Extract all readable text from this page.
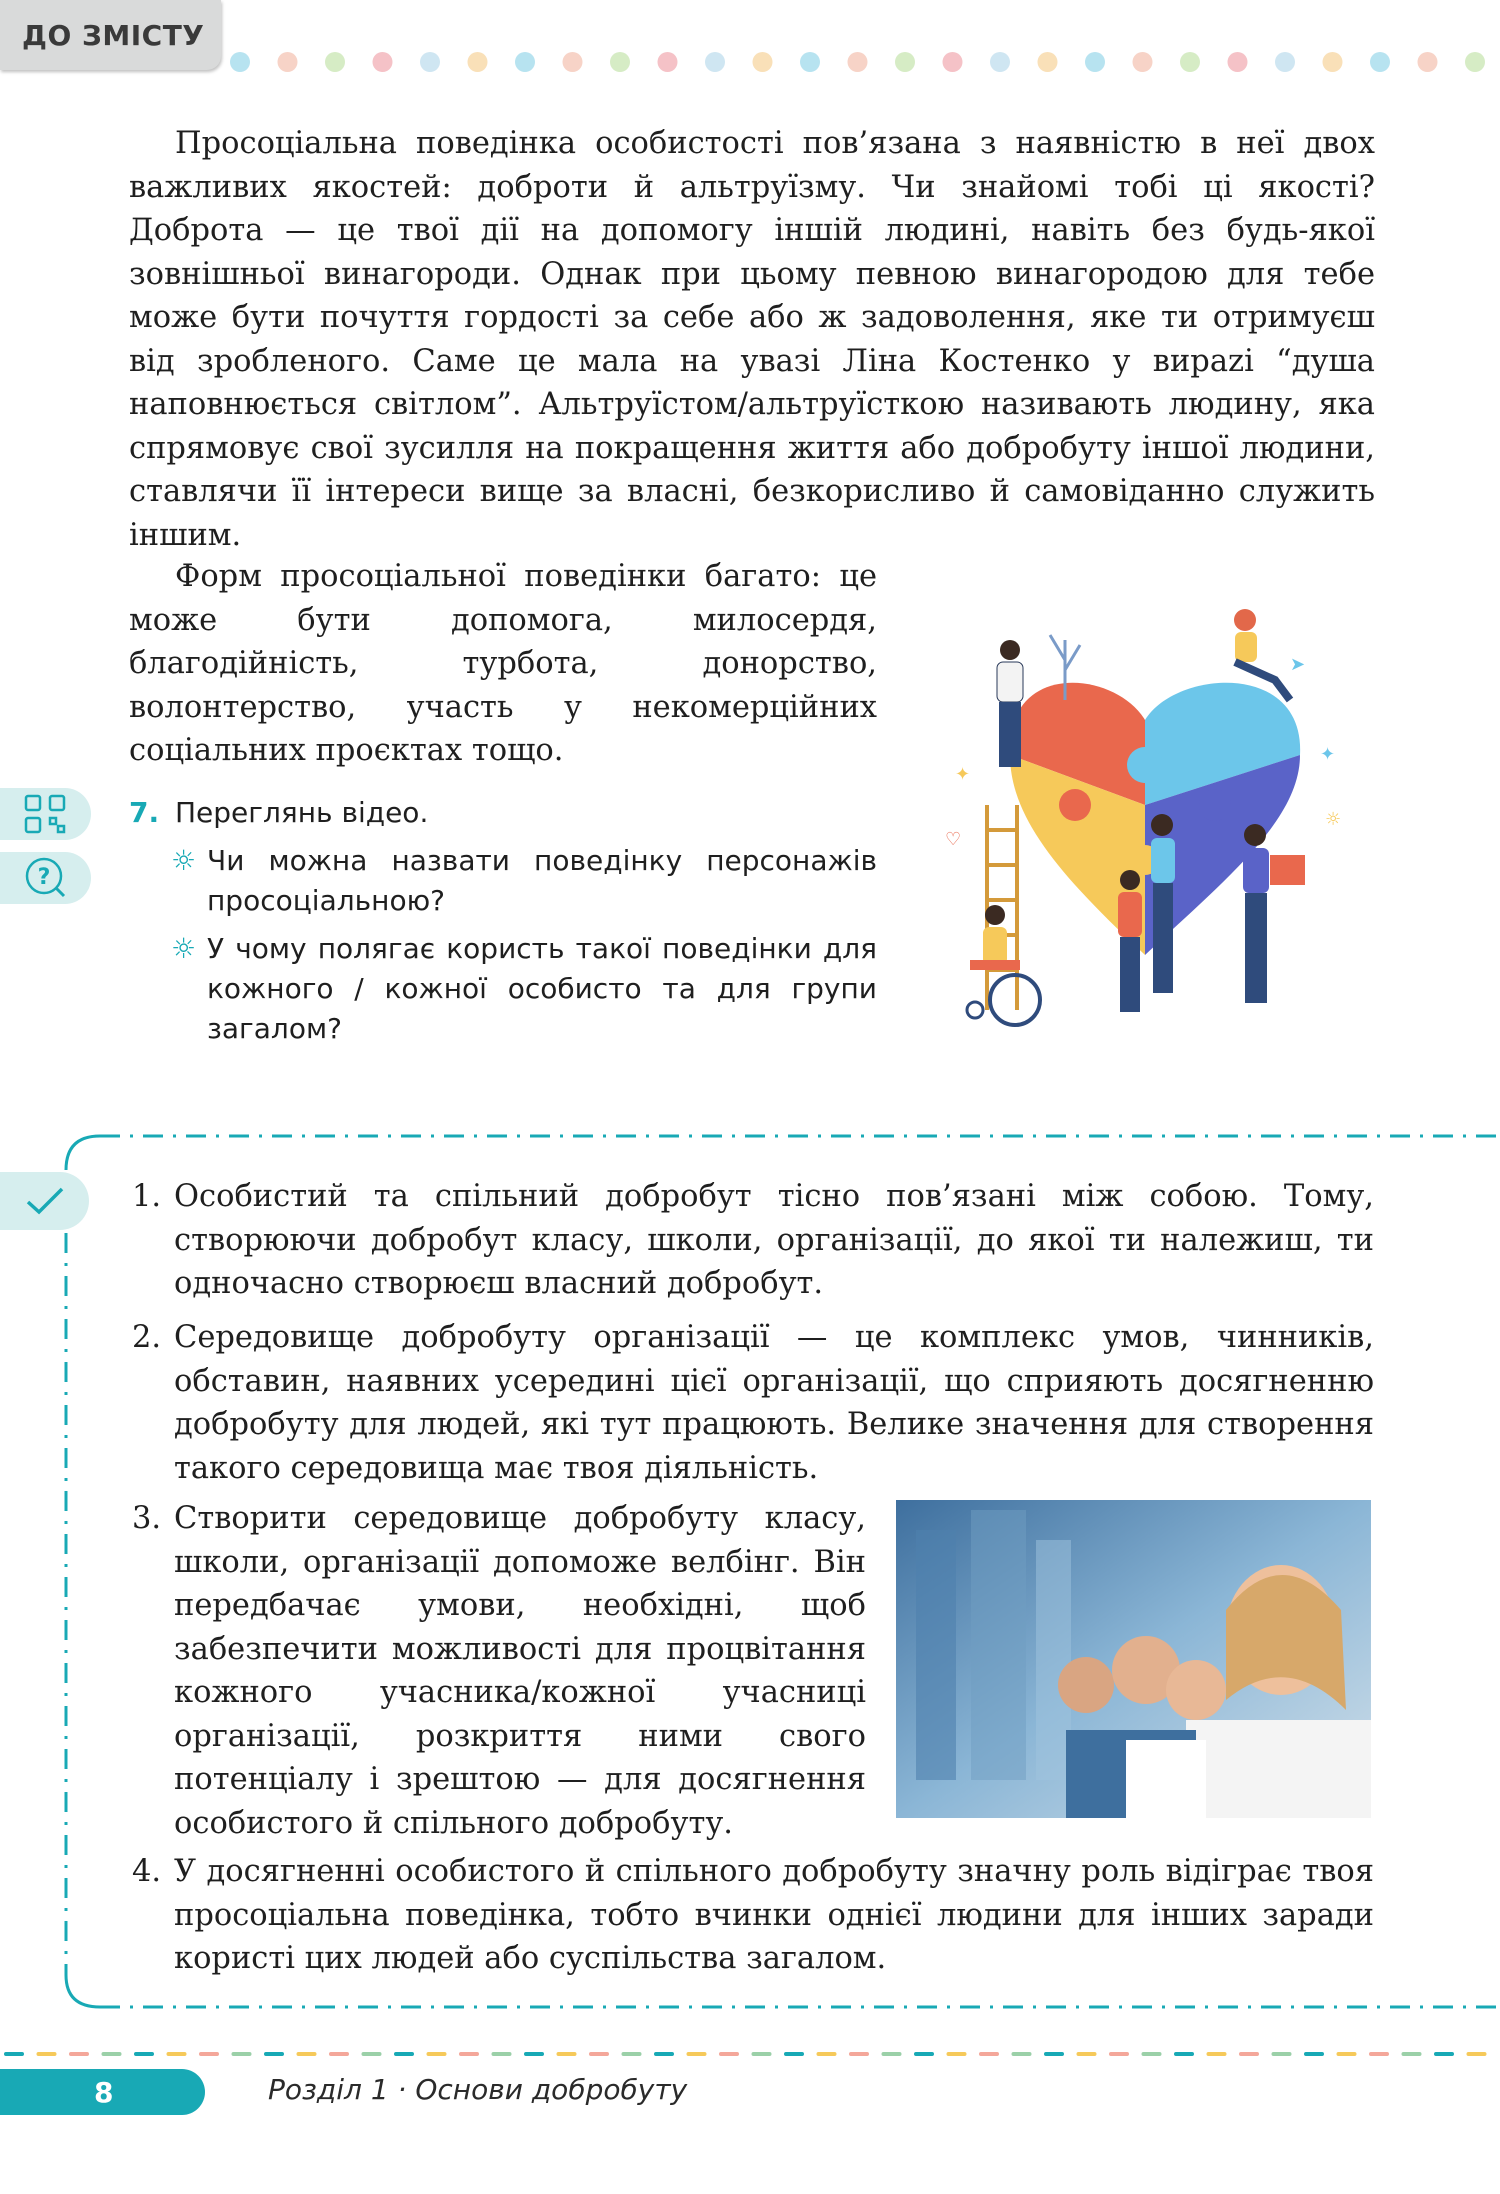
ДО ЗМІСТУ

Просоціальна поведінка особистості пов’язана з наявністю в неї двох важливих якостей: доброти й альтруїзму. Чи знайомі тобі ці якості? Доброта — це твої дії на допомогу іншій людині, навіть без будь-якої зовнішньої винагороди. Однак при цьому певною винагородою для тебе може бути почуття гордості за себе або ж задоволення, яке ти отримуєш від зробленого. Саме це мала на увазі Ліна Костенко у вирazi “душа наповнюється світлом”. Альтруїстом/альтруїсткою називають людину, яка спрямовує свої зусилля на покращення життя або добробуту іншої людини, ставлячи її інтереси вище за власні, безкорисливо й самовіданно служить іншим.

Форм просоціальної поведінки багато: це може бути допомога, милосердя, благодійність, турбота, донорство, волонтерство, участь у некомерційних соціальних проєктах тощо.

?
7. Переглянь відео.
☼ Чи можна назвати поведінку персонажів просоціальною?
☼ У чому полягає користь такої поведінки для кожного / кожної особисто та для групи загалом?
✦
♡
☼
✦
➤
1. Особистий та спільний добробут тісно пов’язані між собою. Тому, створюючи добробут класу, школи, організації, до якої ти належиш, ти одночасно створюєш власний добробут.
2. Середовище добробуту організації — це комплекс умов, чинників, обставин, наявних усередині цієї організації, що сприяють досягненню добробуту для людей, які тут працюють. Велике значення для створення такого середовища має твоя діяльність.
3. Створити середовище добробуту класу, школи, організації допоможе велбінг. Він передбачає умови, необхідні, щоб забезпечити можливості для процвітання кожного учасника/кожної учасниці організації, розкриття ними свого потенціалу і зрештою — для досягнення особистого й спільного добробуту.
4. У досягненні особистого й спільного добробуту значну роль відіграє твоя просоціальна поведінка, тобто вчинки однієї людини для інших заради користі цих людей або суспільства загалом.
8	Розділ 1 · Основи добробуту
